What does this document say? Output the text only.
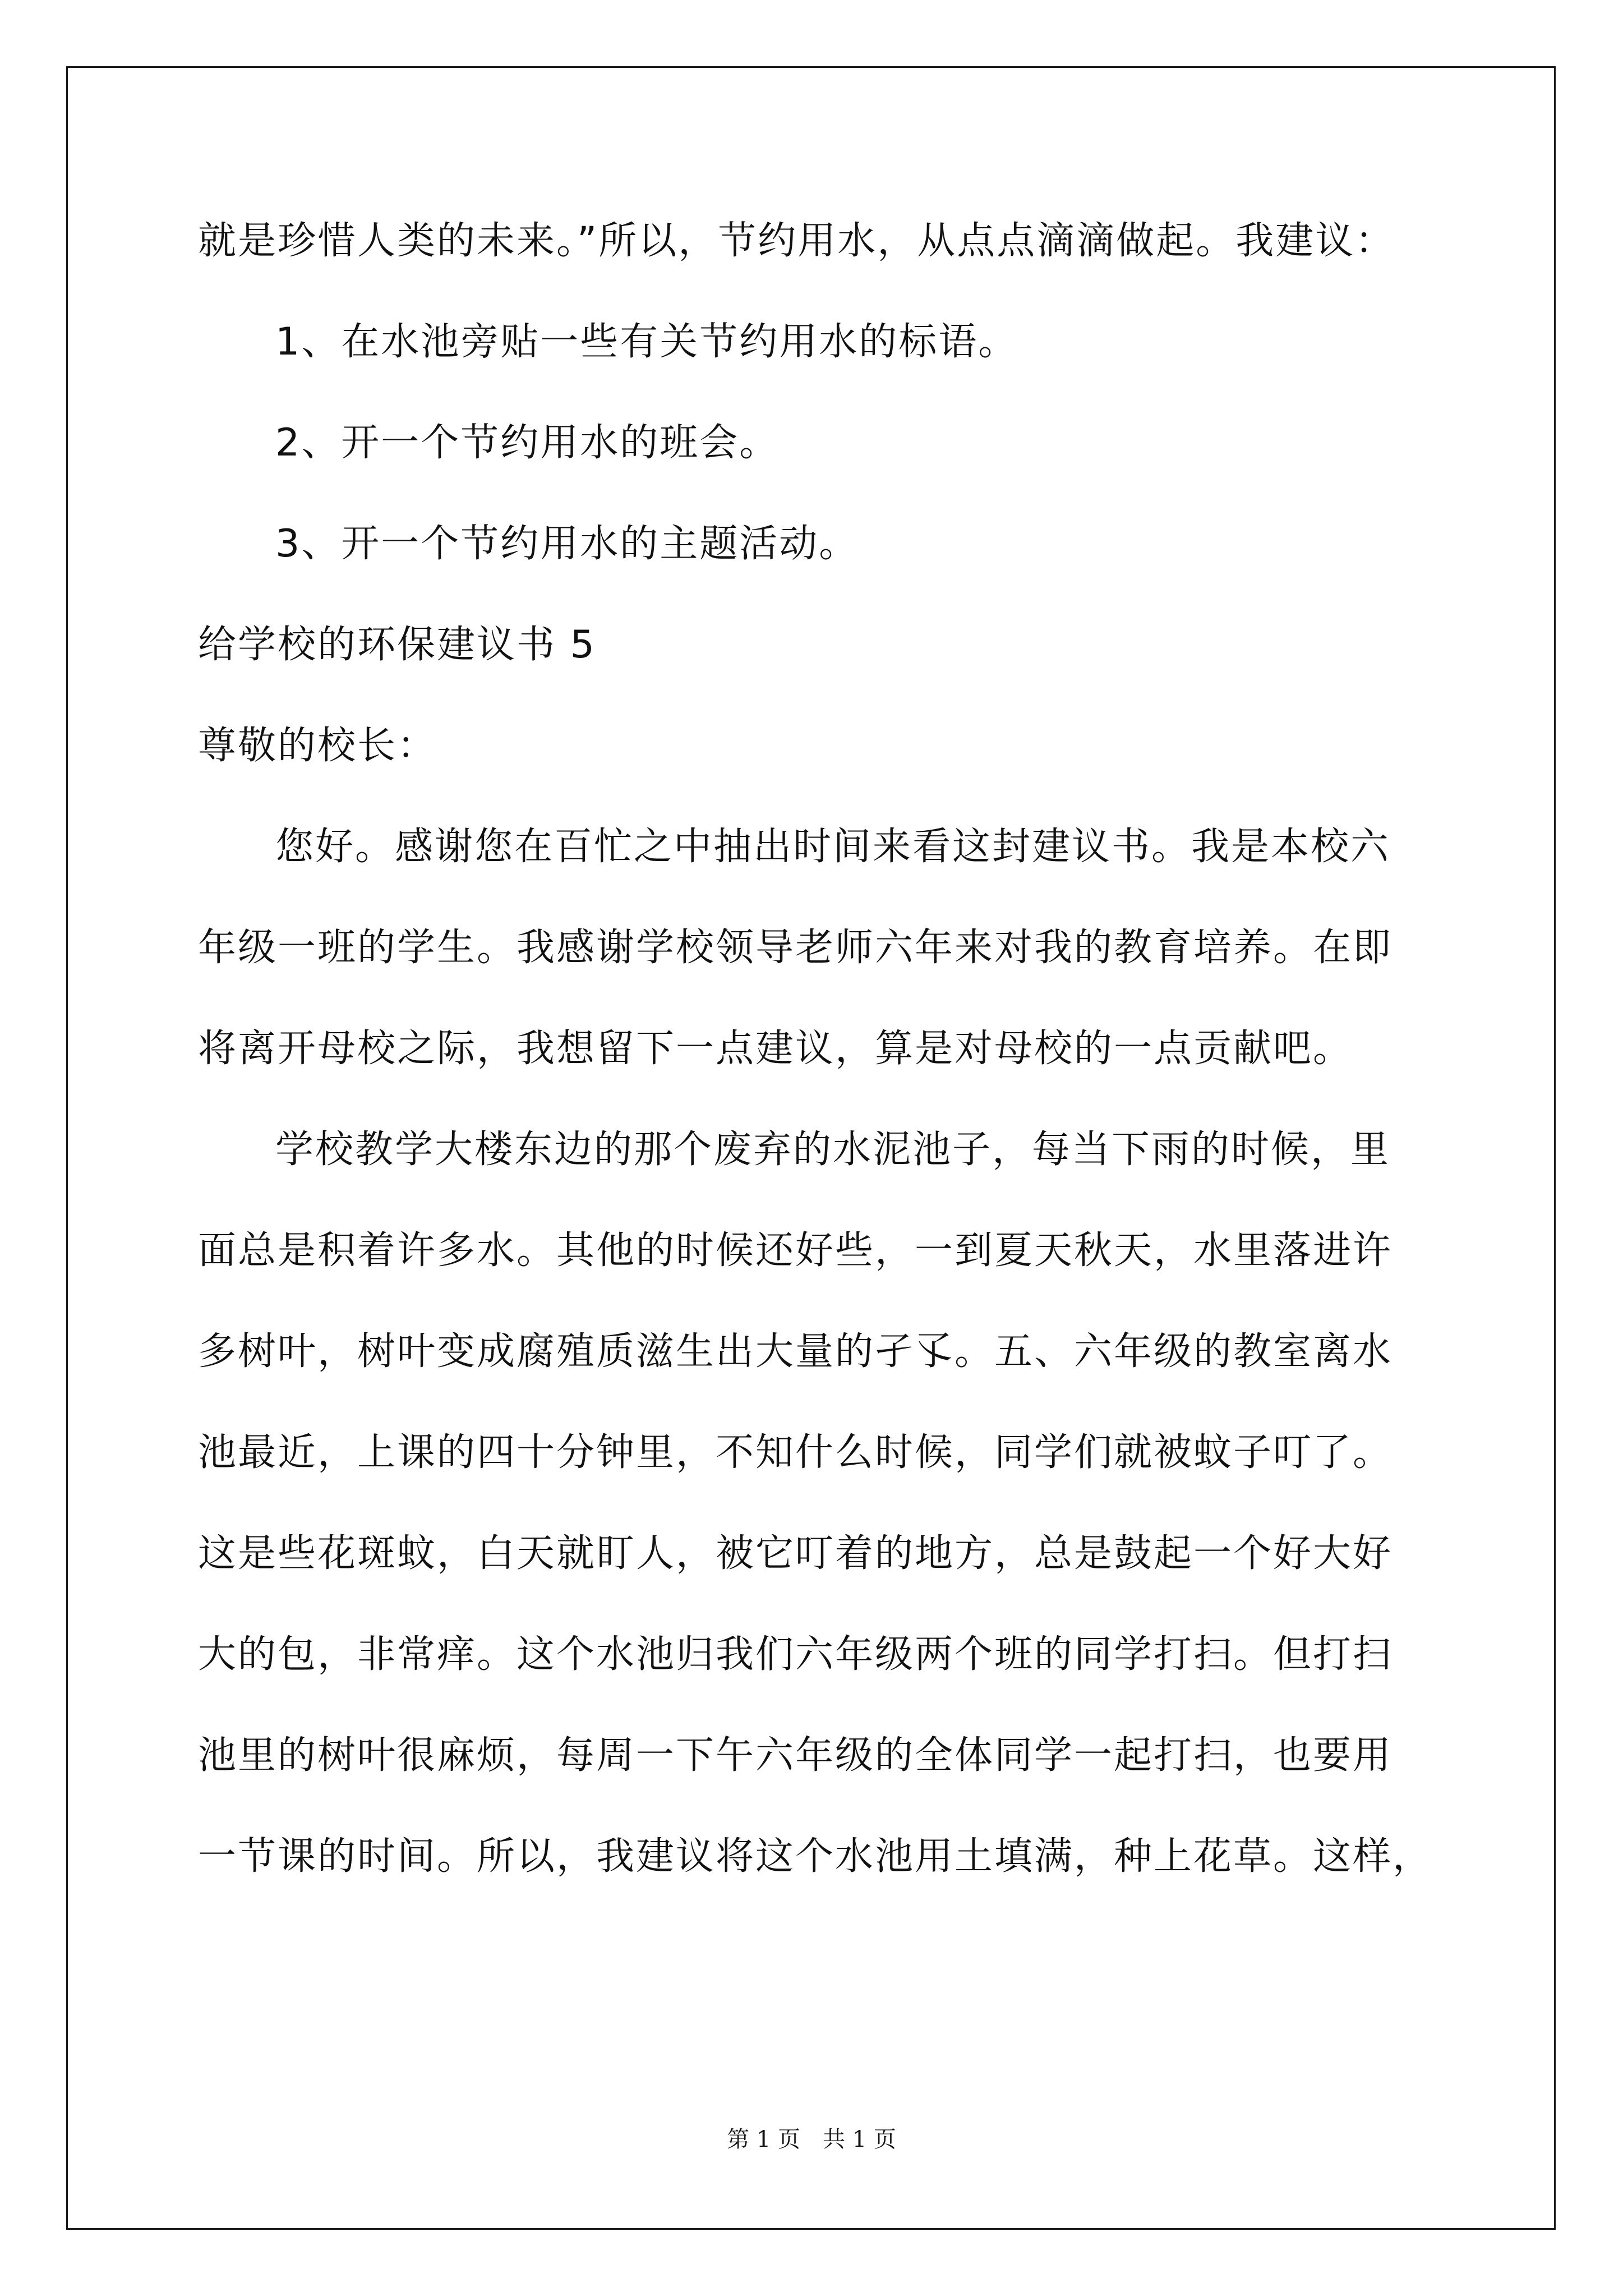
就是珍惜人类的未来。”所以，节约用水，从点点滴滴做起。我建议：
1、在水池旁贴一些有关节约用水的标语。
2、开一个节约用水的班会。
3、开一个节约用水的主题活动。
给学校的环保建议书 5
尊敬的校长：
您好。感谢您在百忙之中抽出时间来看这封建议书。我是本校六
年级一班的学生。我感谢学校领导老师六年来对我的教育培养。在即
将离开母校之际，我想留下一点建议，算是对母校的一点贡献吧。
学校教学大楼东边的那个废弃的水泥池子，每当下雨的时候，里
面总是积着许多水。其他的时候还好些，一到夏天秋天，水里落进许
多树叶，树叶变成腐殖质滋生出大量的孑孓。五、六年级的教室离水
池最近，上课的四十分钟里，不知什么时候，同学们就被蚊子叮了。
这是些花斑蚊，白天就盯人，被它叮着的地方，总是鼓起一个好大好
大的包，非常痒。这个水池归我们六年级两个班的同学打扫。但打扫
池里的树叶很麻烦，每周一下午六年级的全体同学一起打扫，也要用
一节课的时间。所以，我建议将这个水池用土填满，种上花草。这样，
第 1 页　共 1 页
